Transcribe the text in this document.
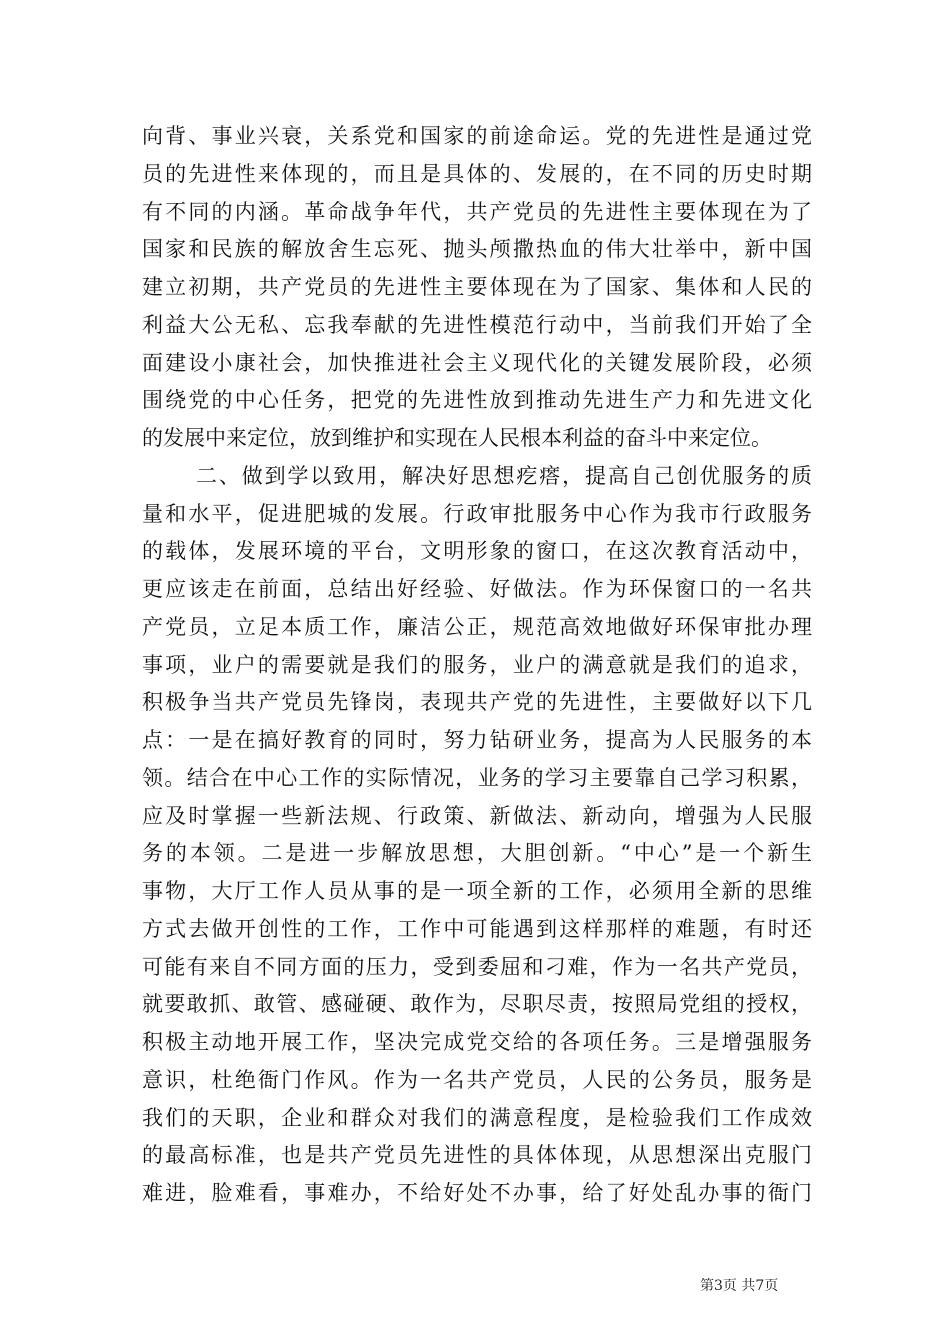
向背、事业兴衰，关系党和国家的前途命运。党的先进性是通过党
员的先进性来体现的，而且是具体的、发展的，在不同的历史时期
有不同的内涵。革命战争年代，共产党员的先进性主要体现在为了
国家和民族的解放舍生忘死、抛头颅撒热血的伟大壮举中，新中国
建立初期，共产党员的先进性主要体现在为了国家、集体和人民的
利益大公无私、忘我奉献的先进性模范行动中，当前我们开始了全
面建设小康社会，加快推进社会主义现代化的关键发展阶段，必须
围绕党的中心任务，把党的先进性放到推动先进生产力和先进文化
的发展中来定位，放到维护和实现在人民根本利益的奋斗中来定位。
二、做到学以致用，解决好思想疙瘩，提高自己创优服务的质
量和水平，促进肥城的发展。行政审批服务中心作为我市行政服务
的载体，发展环境的平台，文明形象的窗口，在这次教育活动中，
更应该走在前面，总结出好经验、好做法。作为环保窗口的一名共
产党员，立足本质工作，廉洁公正，规范高效地做好环保审批办理
事项，业户的需要就是我们的服务，业户的满意就是我们的追求，
积极争当共产党员先锋岗，表现共产党的先进性，主要做好以下几
点：一是在搞好教育的同时，努力钻研业务，提高为人民服务的本
领。结合在中心工作的实际情况，业务的学习主要靠自己学习积累，
应及时掌握一些新法规、行政策、新做法、新动向，增强为人民服
务的本领。二是进一步解放思想，大胆创新。“中心”是一个新生
事物，大厅工作人员从事的是一项全新的工作，必须用全新的思维
方式去做开创性的工作，工作中可能遇到这样那样的难题，有时还
可能有来自不同方面的压力，受到委屈和刁难，作为一名共产党员，
就要敢抓、敢管、感碰硬、敢作为，尽职尽责，按照局党组的授权，
积极主动地开展工作，坚决完成党交给的各项任务。三是增强服务
意识，杜绝衙门作风。作为一名共产党员，人民的公务员，服务是
我们的天职，企业和群众对我们的满意程度，是检验我们工作成效
的最高标准，也是共产党员先进性的具体体现，从思想深出克服门
难进，脸难看，事难办，不给好处不办事，给了好处乱办事的衙门
第3页 共7页
